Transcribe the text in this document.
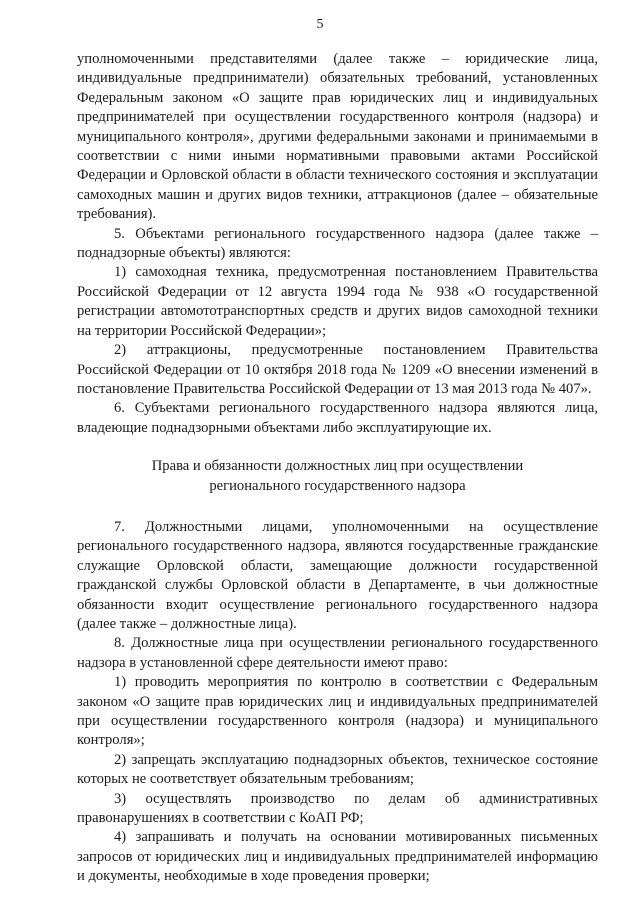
5

уполномоченными представителями (далее также – юридические лица, индивидуальные предприниматели) обязательных требований, установленных Федеральным законом «О защите прав юридических лиц и индивидуальных предпринимателей при осуществлении государственного контроля (надзора) и муниципального контроля», другими федеральными законами и принимаемыми в соответствии с ними иными нормативными правовыми актами Российской Федерации и Орловской области в области технического состояния и эксплуатации самоходных машин и других видов техники, аттракционов (далее – обязательные требования).

5. Объектами регионального государственного надзора (далее также – поднадзорные объекты) являются:

1) самоходная техника, предусмотренная постановлением Правительства Российской Федерации от 12 августа 1994 года № 938 «О государственной регистрации автомототранспортных средств и других видов самоходной техники на территории Российской Федерации»;

2) аттракционы, предусмотренные постановлением Правительства Российской Федерации от 10 октября 2018 года № 1209 «О внесении изменений в постановление Правительства Российской Федерации от 13 мая 2013 года № 407».

6. Субъектами регионального государственного надзора являются лица, владеющие поднадзорными объектами либо эксплуатирующие их.

Права и обязанности должностных лиц при осуществлении
регионального государственного надзора

7. Должностными лицами, уполномоченными на осуществление регионального государственного надзора, являются государственные гражданские служащие Орловской области, замещающие должности государственной гражданской службы Орловской области в Департаменте, в чьи должностные обязанности входит осуществление регионального государственного надзора (далее также – должностные лица).

8. Должностные лица при осуществлении регионального государственного надзора в установленной сфере деятельности имеют право:

1) проводить мероприятия по контролю в соответствии с Федеральным законом «О защите прав юридических лиц и индивидуальных предпринимателей при осуществлении государственного контроля (надзора) и муниципального контроля»;

2) запрещать эксплуатацию поднадзорных объектов, техническое состояние которых не соответствует обязательным требованиям;

3) осуществлять производство по делам об административных правонарушениях в соответствии с КоАП РФ;

4) запрашивать и получать на основании мотивированных письменных запросов от юридических лиц и индивидуальных предпринимателей информацию и документы, необходимые в ходе проведения проверки;
